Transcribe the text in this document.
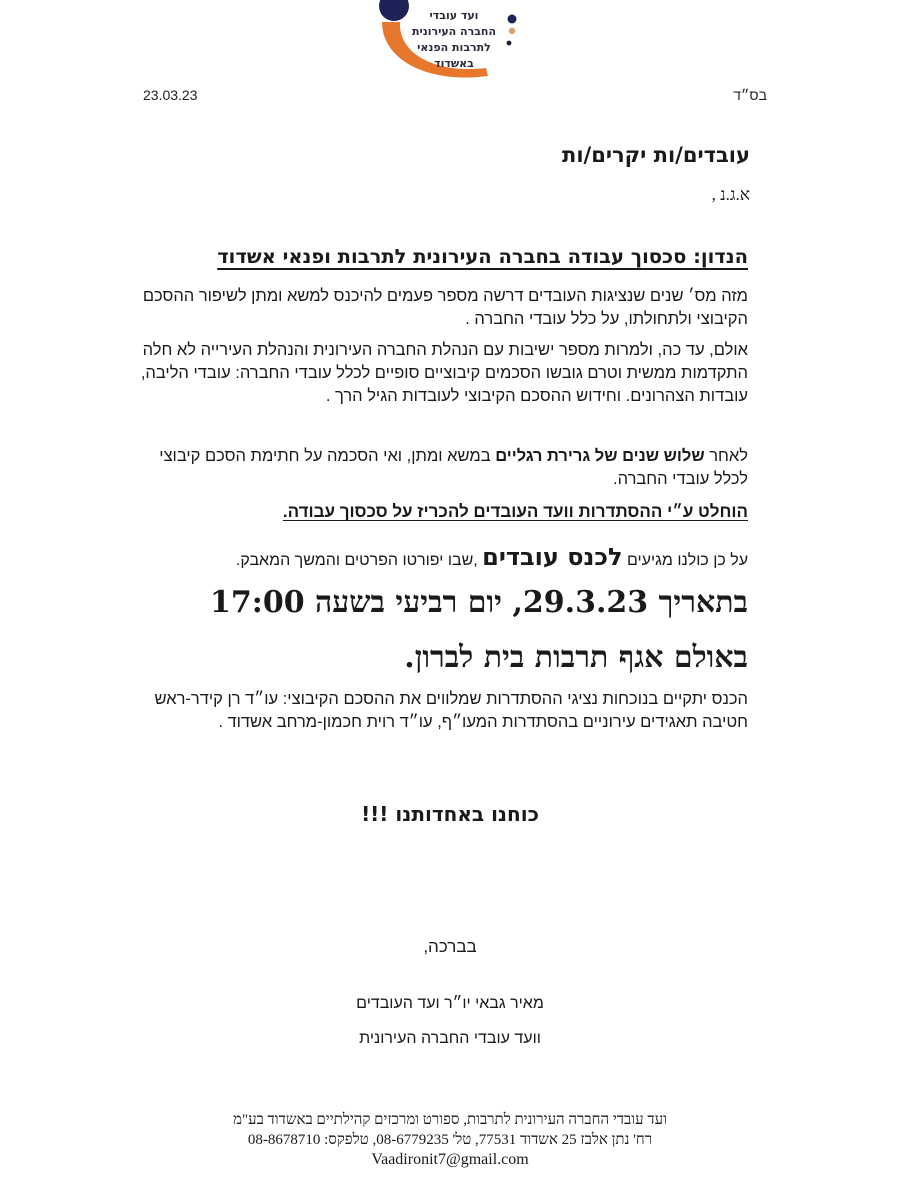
ועד עובדי
החברה העירונית
לתרבות הפנאי
באשדוד
23.03.23	בס״ד
עובדים/ות יקרים/ות
א.ג.נ ,
הנדון: סכסוך עבודה בחברה העירונית לתרבות ופנאי אשדוד

מזה מס׳ שנים שנציגות העובדים דרשה מספר פעמים להיכנס למשא ומתן לשיפור ההסכם הקיבוצי ולתחולתו, על כלל עובדי החברה .

אולם, עד כה, ולמרות מספר ישיבות עם הנהלת החברה העירונית והנהלת העירייה לא חלה התקדמות ממשית וטרם גובשו הסכמים קיבוציים סופיים לכלל עובדי החברה: עובדי הליבה, עובדות הצהרונים. וחידוש ההסכם הקיבוצי לעובדות הגיל הרך .

לאחר שלוש שנים של גרירת רגליים במשא ומתן, ואי הסכמה על חתימת הסכם קיבוצי לכלל עובדי החברה.

הוחלט ע״י ההסתדרות וועד העובדים להכריז על סכסוך עבודה.
על כן כולנו מגיעים לכנס עובדים ,שבו יפורטו הפרטים והמשך המאבק.
בתאריך 29.3.23, יום רביעי בשעה 17:00
באולם אגף תרבות בית לברון.

הכנס יתקיים בנוכחות נציגי ההסתדרות שמלווים את ההסכם הקיבוצי: עו״ד רן קידר-ראש חטיבה תאגידים עירוניים בהסתדרות המעו״ף, עו״ד רוית חכמון-מרחב אשדוד .

כוחנו באחדותנו !!!
בברכה,
מאיר גבאי יו״ר ועד העובדים
וועד עובדי החברה העירונית
ועד עובדי החברה העירונית לתרבות, ספורט ומרכזים קהילתיים באשדוד בע"מ
רח' נתן אלבז 25 אשדוד 77531, טל' 08-6779235, טלפקס: 08-8678710
Vaadironit7@gmail.com
